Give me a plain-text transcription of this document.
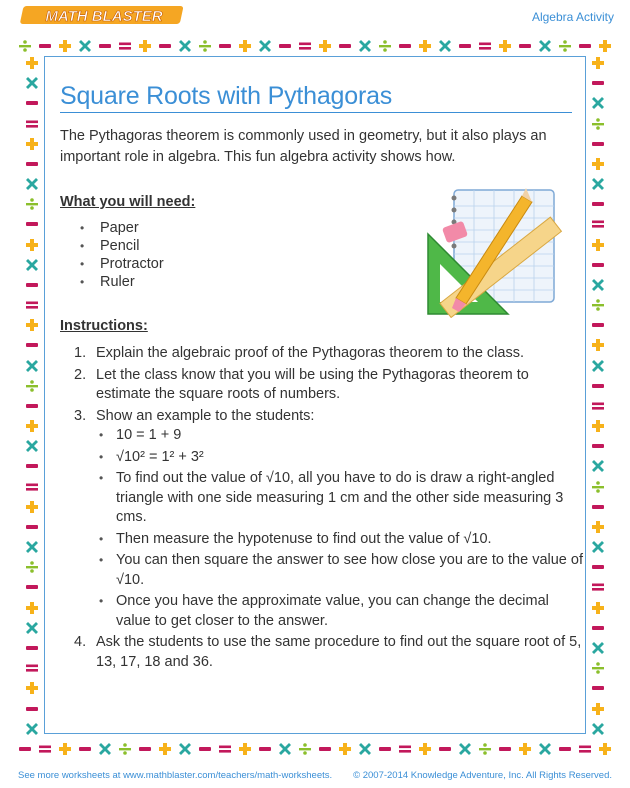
MATH BLASTER	Algebra Activity
Square Roots with Pythagoras

The Pythagoras theorem is commonly used in geometry, but it also plays an important role in algebra. This fun algebra activity shows how.

What you will need:

• Paper
• Pencil
• Protractor
• Ruler

Instructions:

1. Explain the algebraic proof of the Pythagoras theorem to the class.
2. Let the class know that you will be using the Pythagoras theorem to estimate the square roots of numbers.
3. Show an example to the students:
• 10 = 1 + 9
• √10² = 1² + 3²
• To find out the value of √10, all you have to do is draw a right-angled triangle with one side measuring 1 cm and the other side measuring 3 cms.
• Then measure the hypotenuse to find out the value of √10.
• You can then square the answer to see how close you are to the value of √10.
• Once you have the approximate value, you can change the decimal value to get closer to the answer.
4. Ask the students to use the same procedure to find out the square root of 5, 13, 17, 18 and 36.
See more worksheets at www.mathblaster.com/teachers/math-worksheets. © 2007-2014 Knowledge Adventure, Inc. All Rights Reserved.
